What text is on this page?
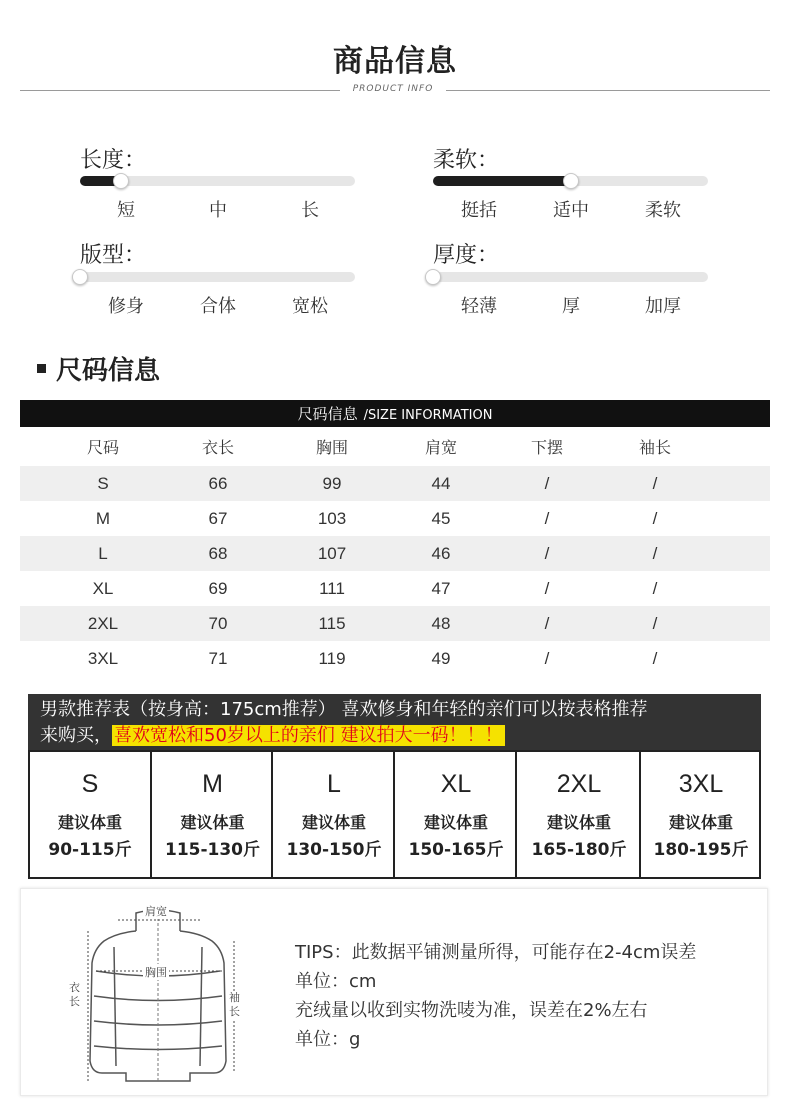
商品信息
PRODUCT INFO
长度：
短	中	长
柔软：
挺括	适中	柔软
版型：
修身	合体	宽松
厚度：
轻薄	厚	加厚
尺码信息
尺码信息 /SIZE INFORMATION
尺码	衣长	胸围	肩宽	下摆	袖长
S	66	99	44	/	/
M	67	103	45	/	/
L	68	107	46	/	/
XL	69	111	47	/	/
2XL	70	115	48	/	/
3XL	71	119	49	/	/
男款推荐表（按身高：175cm推荐） 喜欢修身和年轻的亲们可以按表格推荐
来购买， 喜欢宽松和50岁以上的亲们 建议拍大一码！！！
S
建议体重
90-115斤
M
建议体重
115-130斤
L
建议体重
130-150斤
XL
建议体重
150-165斤
2XL
建议体重
165-180斤
3XL
建议体重
180-195斤
肩宽
胸围
衣长	袖长
TIPS：此数据平铺测量所得，可能存在2-4cm误差
单位：cm
充绒量以收到实物洗唛为准，误差在2%左右
单位：g
